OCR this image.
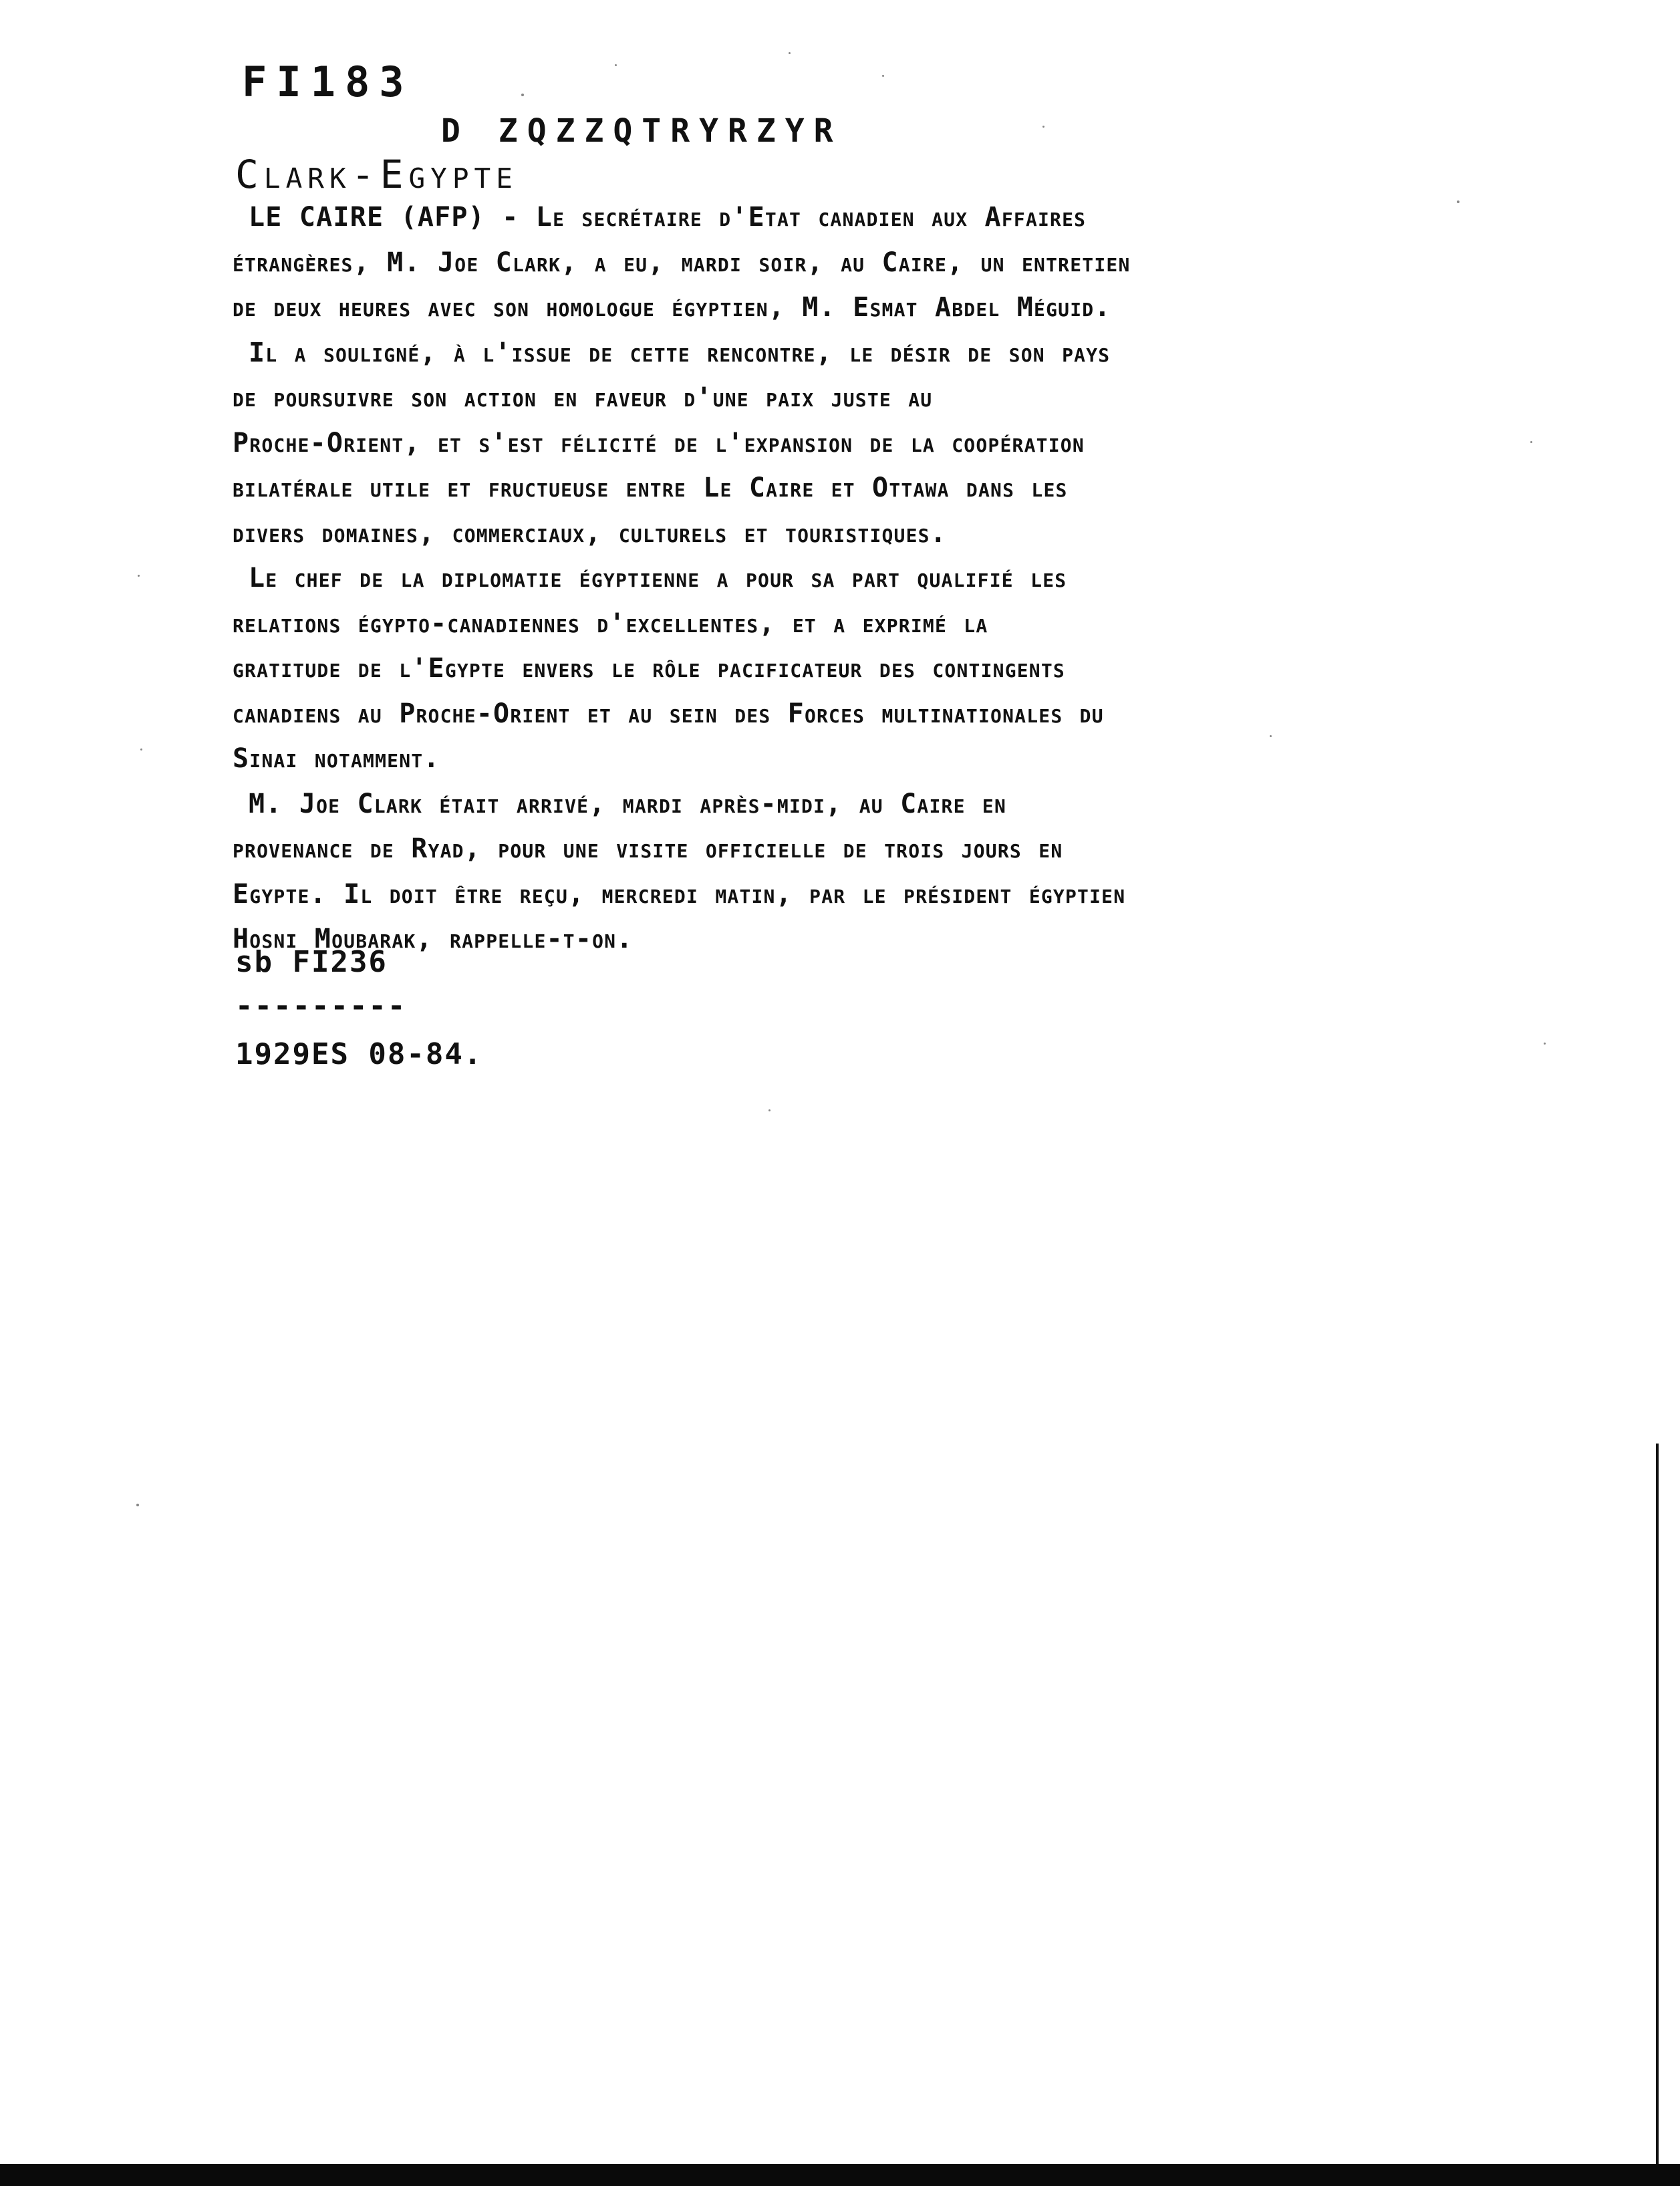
FI183
D ZQZZQTRYRZYR
Clark-Egypte
LE CAIRE (AFP) - Le secrétaire d'Etat canadien aux Affaires
étrangères, M. Joe Clark, a eu, mardi soir, au Caire, un entretien
de deux heures avec son homologue égyptien, M. Esmat Abdel Méguid.
Il a souligné, à l'issue de cette rencontre, le désir de son pays
de poursuivre son action en faveur d'une paix juste au
Proche-Orient, et s'est félicité de l'expansion de la coopération
bilatérale utile et fructueuse entre Le Caire et Ottawa dans les
divers domaines, commerciaux, culturels et touristiques.
Le chef de la diplomatie égyptienne a pour sa part qualifié les
relations égypto-canadiennes d'excellentes, et a exprimé la
gratitude de l'Egypte envers le rôle pacificateur des contingents
canadiens au Proche-Orient et au sein des Forces multinationales du
Sinai notamment.
M. Joe Clark était arrivé, mardi après-midi, au Caire en
provenance de Ryad, pour une visite officielle de trois jours en
Egypte. Il doit être reçu, mercredi matin, par le président égyptien
Hosni Moubarak, rappelle-t-on.
sb FI236
---------
1929ES 08-84.
